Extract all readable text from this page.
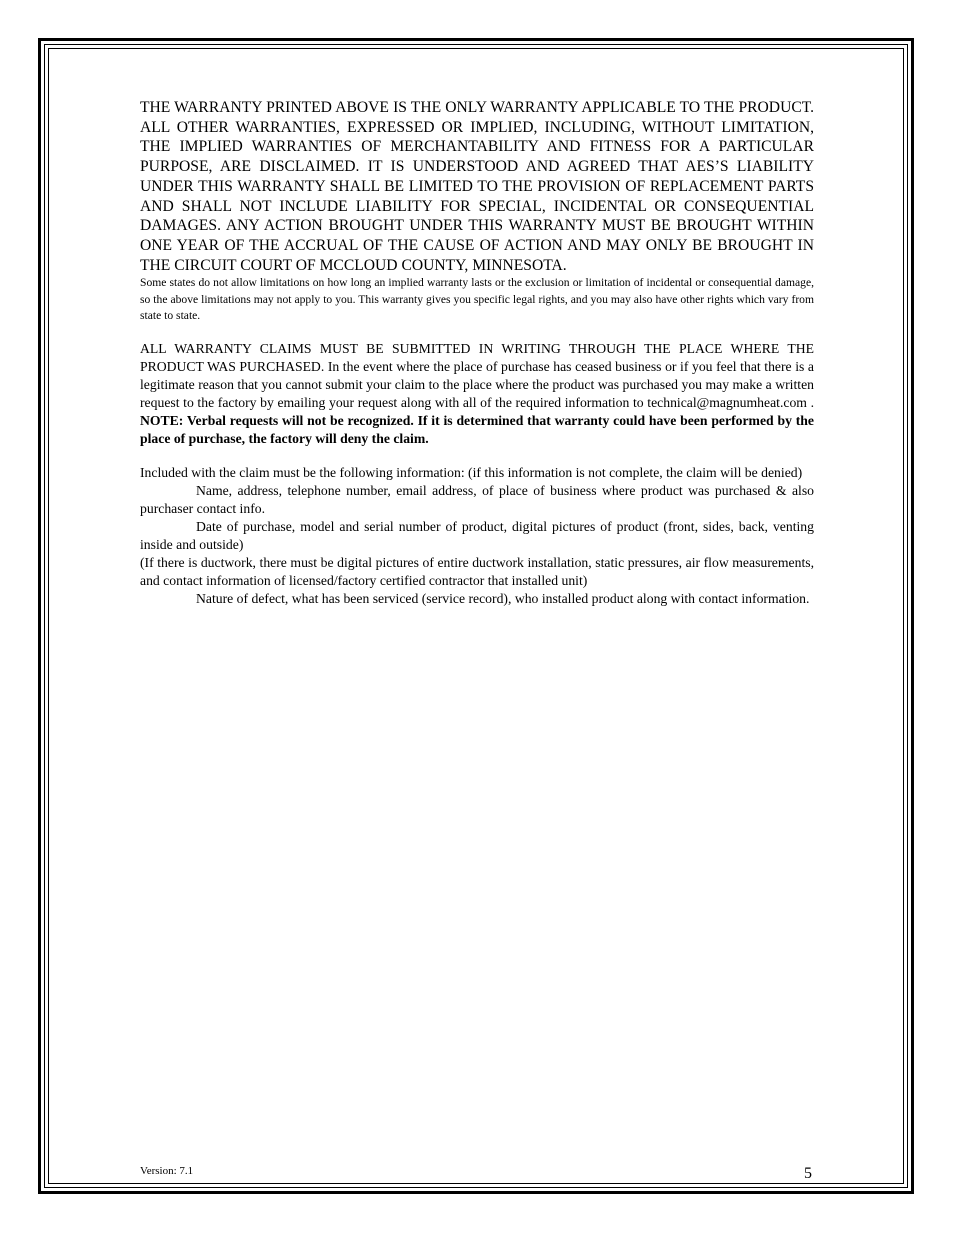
THE WARRANTY PRINTED ABOVE IS THE ONLY WARRANTY APPLICABLE TO THE PRODUCT. ALL OTHER WARRANTIES, EXPRESSED OR IMPLIED, INCLUDING, WITHOUT LIMITATION, THE IMPLIED WARRANTIES OF MERCHANTABILITY AND FITNESS FOR A PARTICULAR PURPOSE, ARE DISCLAIMED. IT IS UNDERSTOOD AND AGREED THAT AES’S LIABILITY UNDER THIS WARRANTY SHALL BE LIMITED TO THE PROVISION OF REPLACEMENT PARTS AND SHALL NOT INCLUDE LIABILITY FOR SPECIAL, INCIDENTAL OR CONSEQUENTIAL DAMAGES. ANY ACTION BROUGHT UNDER THIS WARRANTY MUST BE BROUGHT WITHIN ONE YEAR OF THE ACCRUAL OF THE CAUSE OF ACTION AND MAY ONLY BE BROUGHT IN THE CIRCUIT COURT OF MCCLOUD COUNTY, MINNESOTA.

Some states do not allow limitations on how long an implied warranty lasts or the exclusion or limitation of incidental or consequential damage, so the above limitations may not apply to you. This warranty gives you specific legal rights, and you may also have other rights which vary from state to state.

ALL WARRANTY CLAIMS MUST BE SUBMITTED IN WRITING THROUGH THE PLACE WHERE THE PRODUCT WAS PURCHASED. In the event where the place of purchase has ceased business or if you feel that there is a legitimate reason that you cannot submit your claim to the place where the product was purchased you may make a written request to the factory by emailing your request along with all of the required information to technical@magnumheat.com . NOTE: Verbal requests will not be recognized. If it is determined that warranty could have been performed by the place of purchase, the factory will deny the claim.

Included with the claim must be the following information: (if this information is not complete, the claim will be denied)

Name, address, telephone number, email address, of place of business where product was purchased & also purchaser contact info.

Date of purchase, model and serial number of product, digital pictures of product (front, sides, back, venting inside and outside)

(If there is ductwork, there must be digital pictures of entire ductwork installation, static pressures, air flow measurements, and contact information of licensed/factory certified contractor that installed unit)

Nature of defect, what has been serviced (service record), who installed product along with contact information.

Version: 7.1	5
